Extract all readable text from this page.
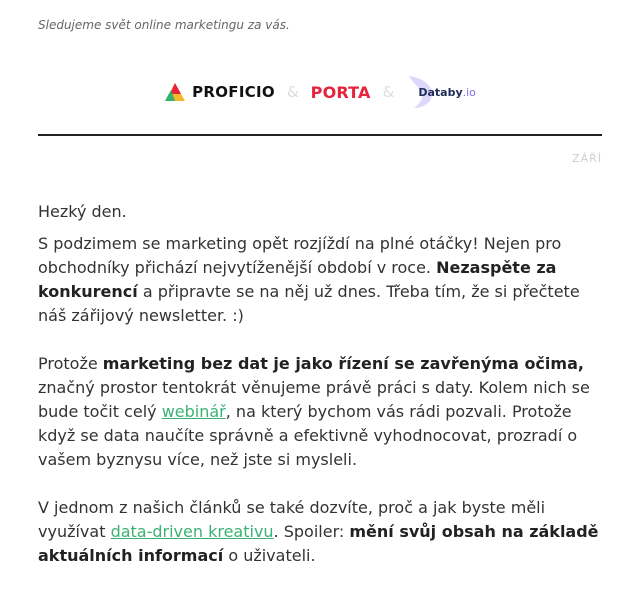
Sledujeme svět online marketingu za vás.
PROFICIO & PORTA & Databy.io
ZÁŘÍ

Hezký den.

S podzimem se marketing opět rozjíždí na plné otáčky! Nejen pro obchodníky přichází nejvytíženější období v roce. Nezaspěte za konkurencí a připravte se na něj už dnes. Třeba tím, že si přečtete náš zářijový newsletter. :)

Protože marketing bez dat je jako řízení se zavřenýma očima, značný prostor tentokrát věnujeme právě práci s daty. Kolem nich se bude točit celý webinář, na který bychom vás rádi pozvali. Protože když se data naučíte správně a efektivně vyhodnocovat, prozradí o vašem byznysu více, než jste si mysleli.

V jednom z našich článků se také dozvíte, proč a jak byste měli využívat data-driven kreativu. Spoiler: mění svůj obsah na základě aktuálních informací o uživateli.
